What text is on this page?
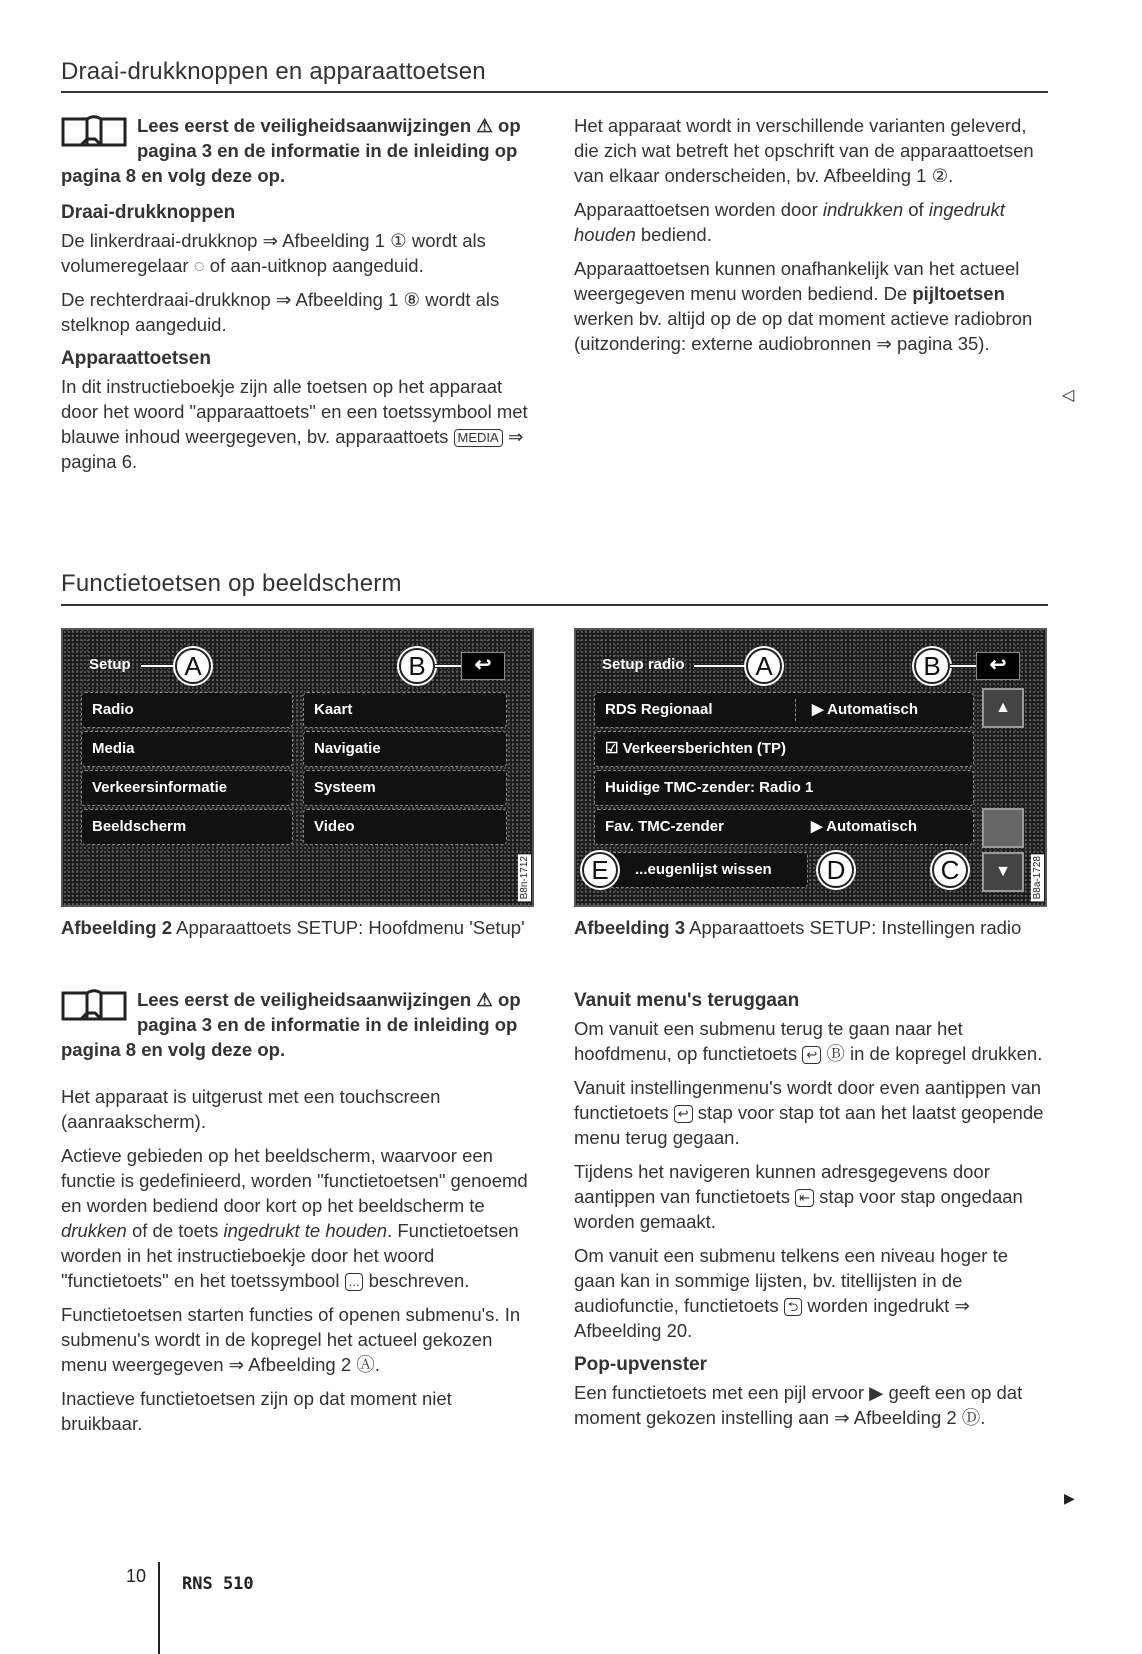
Draai-drukknoppen en apparaattoetsen
Lees eerst de veiligheidsaanwijzingen ⚠ op pagina 3 en de informatie in de inleiding op pagina 8 en volg deze op.
Draai-drukknoppen

De linkerdraai-drukknop ⇒ Afbeelding 1 ① wordt als volumeregelaar ◌ of aan-uitknop aangeduid.

De rechterdraai-drukknop ⇒ Afbeelding 1 ⑧ wordt als stelknop aangeduid.

Apparaattoetsen

In dit instructieboekje zijn alle toetsen op het apparaat door het woord "apparaattoets" en een toetssymbool met blauwe inhoud weergegeven, bv. apparaattoets MEDIA ⇒ pagina 6.

Het apparaat wordt in verschillende varianten geleverd, die zich wat betreft het opschrift van de apparaattoetsen van elkaar onderscheiden, bv. Afbeelding 1 ②.

Apparaattoetsen worden door indrukken of ingedrukt houden bediend.

Apparaattoetsen kunnen onafhankelijk van het actueel weergegeven menu worden bediend. De pijltoetsen werken bv. altijd op de op dat moment actieve radiobron (uitzondering: externe audiobronnen ⇒ pagina 35).

◁
Functietoetsen op beeldscherm
Setup	A	B	↩
Radio	Kaart
Media	Navigatie
Verkeersinformatie	Systeem
Beeldscherm	Video
B8n-1712
Afbeelding 2 Apparaattoets SETUP: Hoofdmenu 'Setup'
Setup radio	A	B	↩
RDS Regionaal	▶ Automatisch
☑ Verkeersberichten (TP)
Huidige TMC-zender: Radio 1
Fav. TMC-zender	▶ Automatisch
...eugenlijst wissen
▲
▼
E	D	C	B8a-1728
Afbeelding 3 Apparaattoets SETUP: Instellingen radio
Lees eerst de veiligheidsaanwijzingen ⚠ op pagina 3 en de informatie in de inleiding op pagina 8 en volg deze op.

Het apparaat is uitgerust met een touchscreen (aanraakscherm).

Actieve gebieden op het beeldscherm, waarvoor een functie is gedefinieerd, worden "functietoetsen" genoemd en worden bediend door kort op het beeldscherm te drukken of de toets ingedrukt te houden. Functietoetsen worden in het instructieboekje door het woord "functietoets" en het toetssymbool ... beschreven.

Functietoetsen starten functies of openen submenu's. In submenu's wordt in de kopregel het actueel gekozen menu weergegeven ⇒ Afbeelding 2 Ⓐ.

Inactieve functietoetsen zijn op dat moment niet bruikbaar.

Vanuit menu's teruggaan

Om vanuit een submenu terug te gaan naar het hoofdmenu, op functietoets ↩ Ⓑ in de kopregel drukken.

Vanuit instellingenmenu's wordt door even aantippen van functietoets ↩ stap voor stap tot aan het laatst geopende menu terug gegaan.

Tijdens het navigeren kunnen adresgegevens door aantippen van functietoets ⇤ stap voor stap ongedaan worden gemaakt.

Om vanuit een submenu telkens een niveau hoger te gaan kan in sommige lijsten, bv. titellijsten in de audiofunctie, functietoets ⮌ worden ingedrukt ⇒ Afbeelding 20.

Pop-upvenster

Een functietoets met een pijl ervoor ▶ geeft een op dat moment gekozen instelling aan ⇒ Afbeelding 2 Ⓓ.

▶
10 RNS 510
